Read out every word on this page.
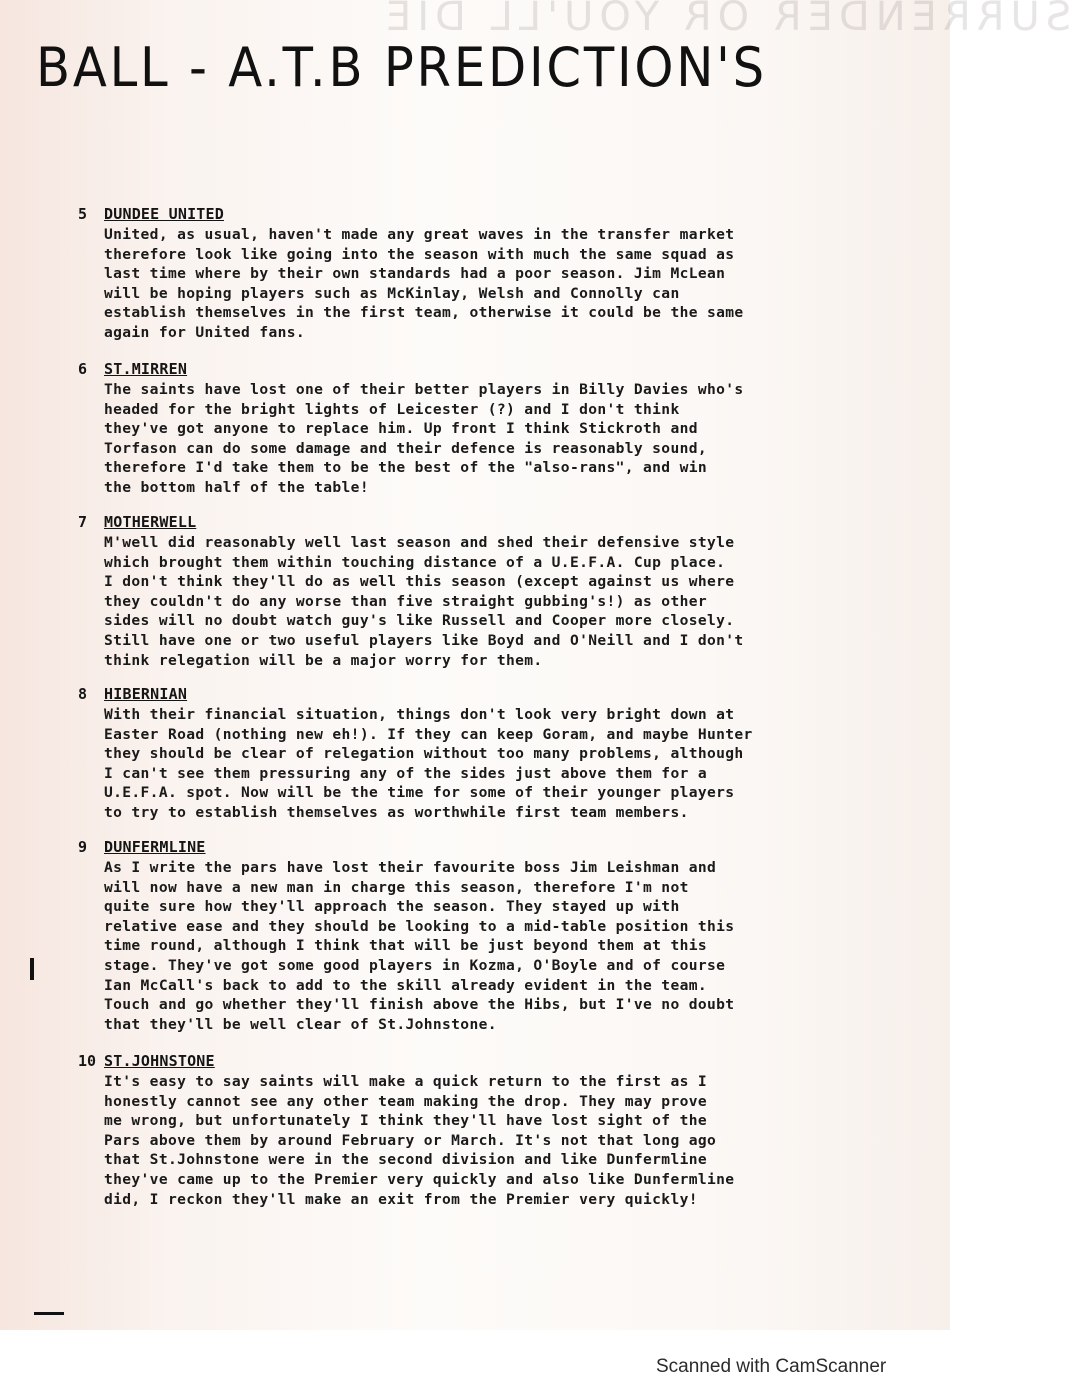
SURRENDER OR YOU'LL DIE
BALL - A.T.B PREDICTION'S
5	DUNDEE UNITED
United, as usual, haven't made any great waves in the transfer market
therefore look like going into the season with much the same squad as
last time where by their own standards had a poor season. Jim McLean
will be hoping players such as McKinlay, Welsh and Connolly can
establish themselves in the first team, otherwise it could be the same
again for United fans.
6	ST.MIRREN
The saints have lost one of their better players in Billy Davies who's
headed for the bright lights of Leicester (?) and I don't think
they've got anyone to replace him. Up front I think Stickroth and
Torfason can do some damage and their defence is reasonably sound,
therefore I'd take them to be the best of the "also-rans", and win
the bottom half of the table!
7	MOTHERWELL
M'well did reasonably well last season and shed their defensive style
which brought them within touching distance of a U.E.F.A. Cup place.
I don't think they'll do as well this season (except against us where
they couldn't do any worse than five straight gubbing's!) as other
sides will no doubt watch guy's like Russell and Cooper more closely.
Still have one or two useful players like Boyd and O'Neill and I don't
think relegation will be a major worry for them.
8	HIBERNIAN
With their financial situation, things don't look very bright down at
Easter Road (nothing new eh!). If they can keep Goram, and maybe Hunter
they should be clear of relegation without too many problems, although
I can't see them pressuring any of the sides just above them for a
U.E.F.A. spot. Now will be the time for some of their younger players
to try to establish themselves as worthwhile first team members.
9	DUNFERMLINE
As I write the pars have lost their favourite boss Jim Leishman and
will now have a new man in charge this season, therefore I'm not
quite sure how they'll approach the season. They stayed up with
relative ease and they should be looking to a mid-table position this
time round, although I think that will be just beyond them at this
stage. They've got some good players in Kozma, O'Boyle and of course
Ian McCall's back to add to the skill already evident in the team.
Touch and go whether they'll finish above the Hibs, but I've no doubt
that they'll be well clear of St.Johnstone.
10 ST.JOHNSTONE
It's easy to say saints will make a quick return to the first as I
honestly cannot see any other team making the drop. They may prove
me wrong, but unfortunately I think they'll have lost sight of the
Pars above them by around February or March. It's not that long ago
that St.Johnstone were in the second division and like Dunfermline
they've came up to the Premier very quickly and also like Dunfermline
did, I reckon they'll make an exit from the Premier very quickly!
Scanned with CamScanner
